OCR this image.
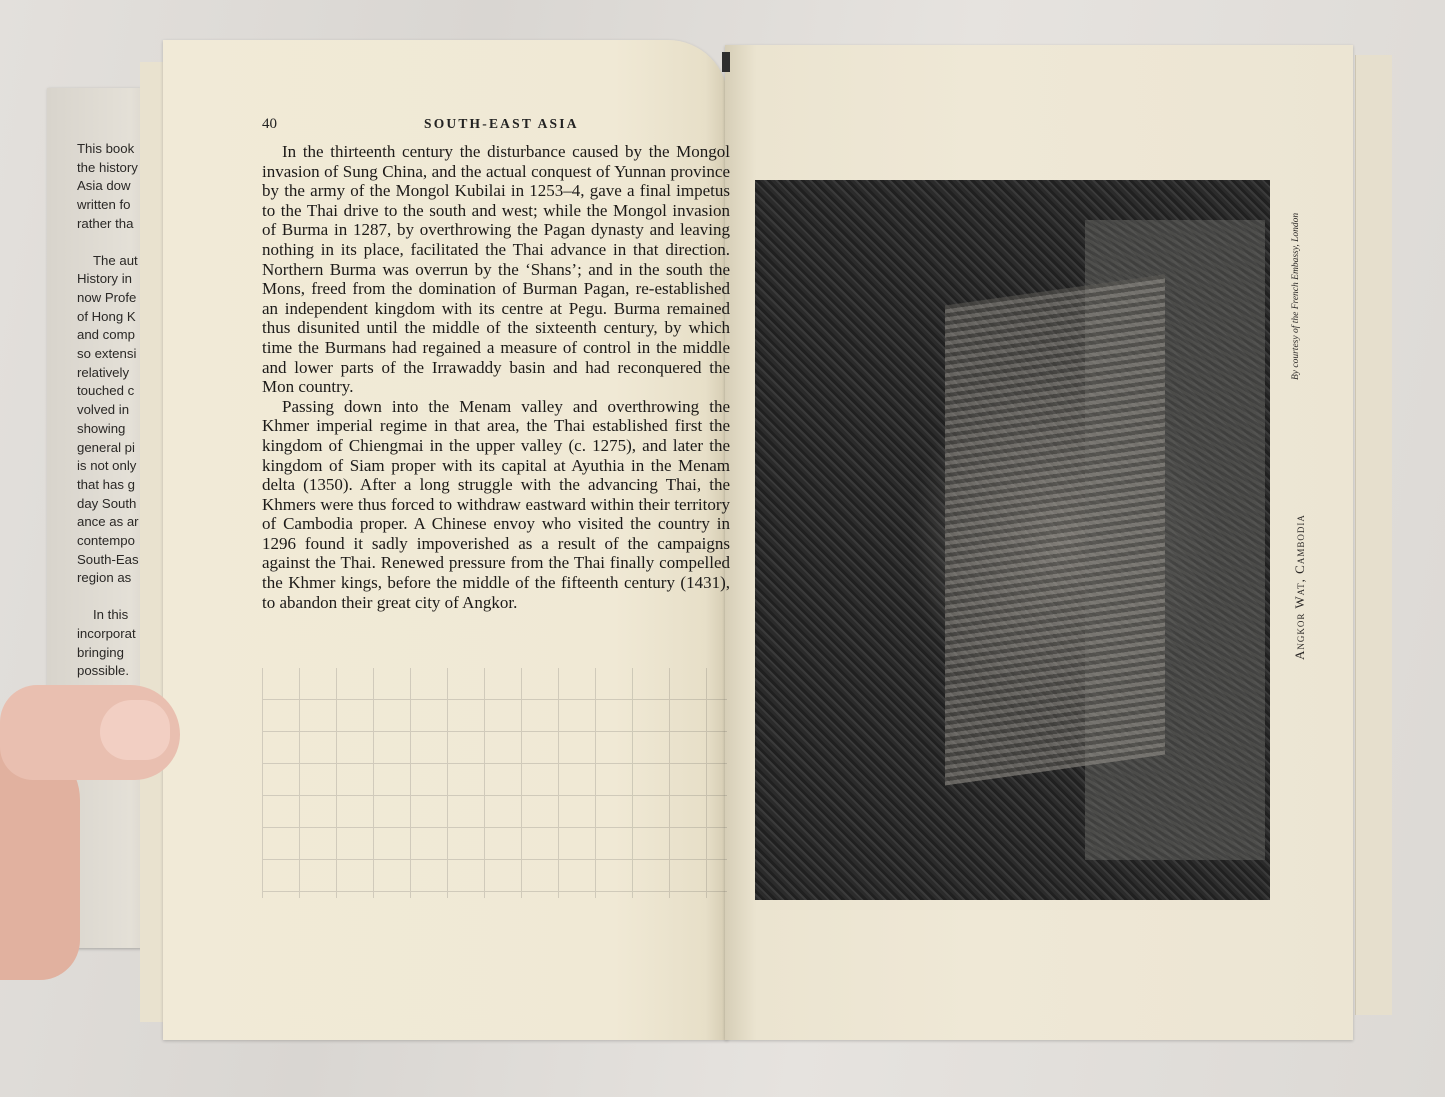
This book
the history
Asia dow
written fo
rather tha

The aut
History in
now Profe
of Hong K
and comp
so extensi
relatively
touched c
volved in
showing
general pi
is not only
that has g
day South
ance as ar
contempo
South-Eas
region as

In this
incorporat
bringing
possible.

40	SOUTH-EAST ASIA

In the thirteenth century the disturbance caused by the Mongol invasion of Sung China, and the actual conquest of Yunnan province by the army of the Mongol Kubilai in 1253–4, gave a final impetus to the Thai drive to the south and west; while the Mongol invasion of Burma in 1287, by overthrowing the Pagan dynasty and leaving nothing in its place, facilitated the Thai advance in that direction. Northern Burma was overrun by the ‘Shans’; and in the south the Mons, freed from the domination of Burman Pagan, re-established an independent kingdom with its centre at Pegu. Burma remained thus disunited until the middle of the sixteenth century, by which time the Burmans had regained a measure of control in the middle and lower parts of the Irrawaddy basin and had reconquered the Mon country.

Passing down into the Menam valley and overthrowing the Khmer imperial regime in that area, the Thai established first the kingdom of Chiengmai in the upper valley (c. 1275), and later the kingdom of Siam proper with its capital at Ayuthia in the Menam delta (1350). After a long struggle with the advancing Thai, the Khmers were thus forced to withdraw eastward within their territory of Cambodia proper. A Chinese envoy who visited the country in 1296 found it sadly impoverished as a result of the campaigns against the Thai. Renewed pressure from the Thai finally compelled the Khmer kings, before the middle of the fifteenth century (1431), to abandon their great city of Angkor.

By courtesy of the French Embassy, London
Angkor Wat, Cambodia
